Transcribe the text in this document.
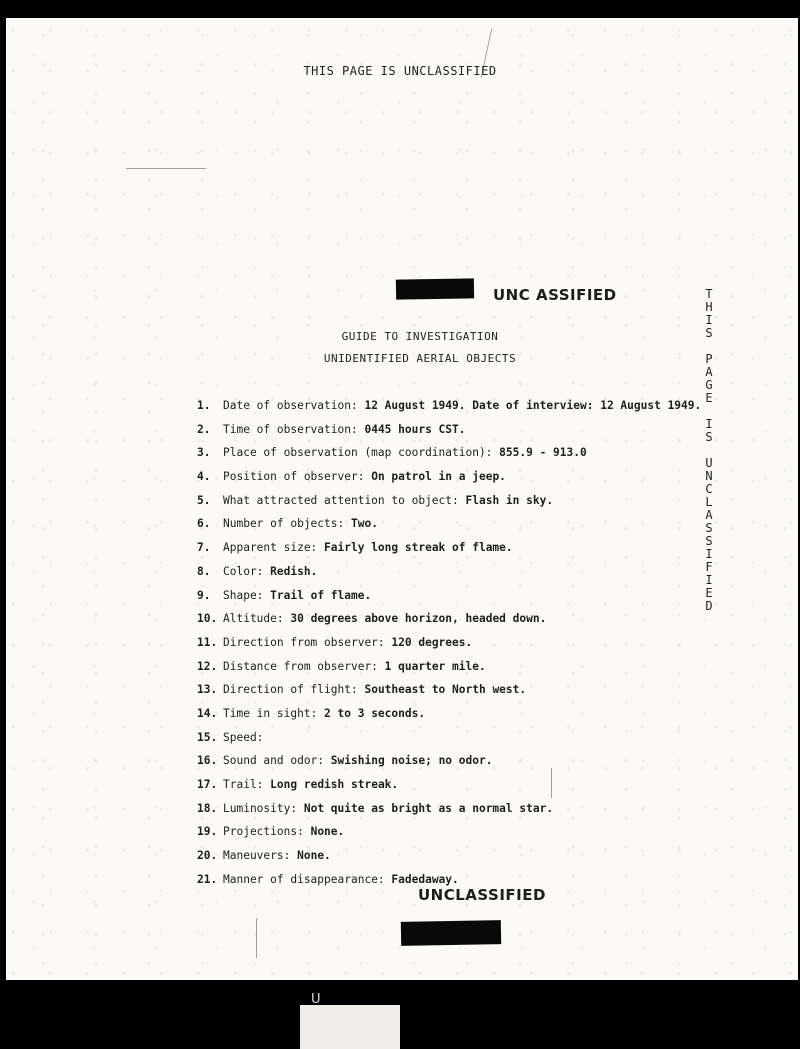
THIS PAGE IS UNCLASSIFIED
UNC ASSIFIED
GUIDE TO INVESTIGATION
UNIDENTIFIED AERIAL OBJECTS
T
H
I
S
P
A
G
E
I
S
U
N
C
L
A
S
S
I
F
I
E
D
1. Date of observation: 12 August 1949. Date of interview: 12 August 1949.
2. Time of observation: 0445 hours CST.
3. Place of observation (map coordination): 855.9 - 913.0
4. Position of observer: On patrol in a jeep.
5. What attracted attention to object: Flash in sky.
6. Number of objects: Two.
7. Apparent size: Fairly long streak of flame.
8. Color: Redish.
9. Shape: Trail of flame.
10. Altitude: 30 degrees above horizon, headed down.
11. Direction from observer: 120 degrees.
12. Distance from observer: 1 quarter mile.
13. Direction of flight: Southeast to North west.
14. Time in sight: 2 to 3 seconds.
15. Speed:
16. Sound and odor: Swishing noise; no odor.
17. Trail: Long redish streak.
18. Luminosity: Not quite as bright as a normal star.
19. Projections: None.
20. Maneuvers: None.
21. Manner of disappearance: Fadedaway.
UNCLASSIFIED
U
